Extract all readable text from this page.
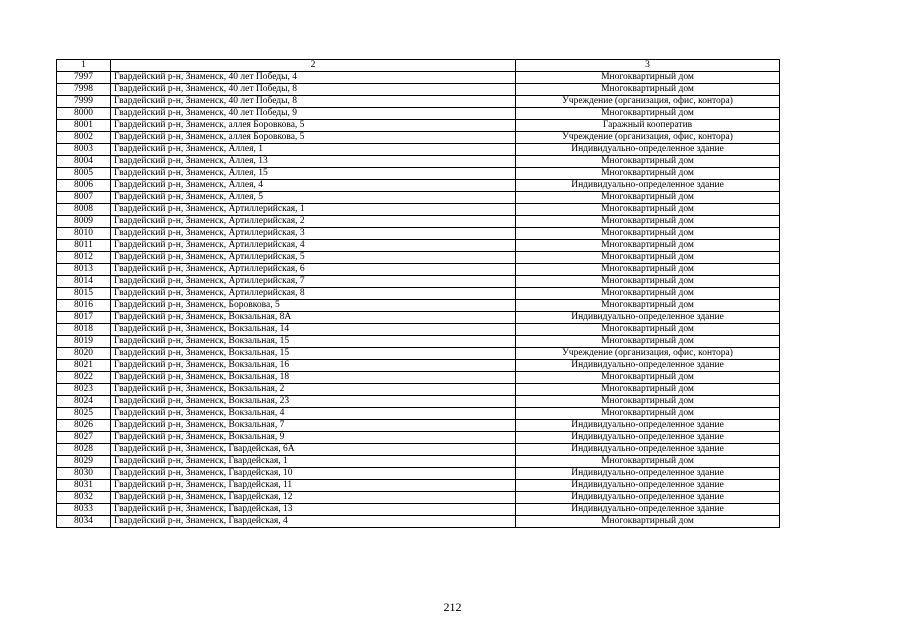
1	2	3
7997	Гвардейский р-н, Знаменск, 40 лет Победы, 4	Многоквартирный дом
7998	Гвардейский р-н, Знаменск, 40 лет Победы, 8	Многоквартирный дом
7999	Гвардейский р-н, Знаменск, 40 лет Победы, 8	Учреждение (организация, офис, контора)
8000	Гвардейский р-н, Знаменск, 40 лет Победы, 9	Многоквартирный дом
8001	Гвардейский р-н, Знаменск, аллея Боровкова, 5	Гаражный кооператив
8002	Гвардейский р-н, Знаменск, аллея Боровкова, 5	Учреждение (организация, офис, контора)
8003	Гвардейский р-н, Знаменск, Аллея, 1	Индивидуально-определенное здание
8004	Гвардейский р-н, Знаменск, Аллея, 13	Многоквартирный дом
8005	Гвардейский р-н, Знаменск, Аллея, 15	Многоквартирный дом
8006	Гвардейский р-н, Знаменск, Аллея, 4	Индивидуально-определенное здание
8007	Гвардейский р-н, Знаменск, Аллея, 5	Многоквартирный дом
8008	Гвардейский р-н, Знаменск, Артиллерийская, 1	Многоквартирный дом
8009	Гвардейский р-н, Знаменск, Артиллерийская, 2	Многоквартирный дом
8010	Гвардейский р-н, Знаменск, Артиллерийская, 3	Многоквартирный дом
8011	Гвардейский р-н, Знаменск, Артиллерийская, 4	Многоквартирный дом
8012	Гвардейский р-н, Знаменск, Артиллерийская, 5	Многоквартирный дом
8013	Гвардейский р-н, Знаменск, Артиллерийская, 6	Многоквартирный дом
8014	Гвардейский р-н, Знаменск, Артиллерийская, 7	Многоквартирный дом
8015	Гвардейский р-н, Знаменск, Артиллерийская, 8	Многоквартирный дом
8016	Гвардейский р-н, Знаменск, Боровкова, 5	Многоквартирный дом
8017	Гвардейский р-н, Знаменск, Вокзальная, 8А	Индивидуально-определенное здание
8018	Гвардейский р-н, Знаменск, Вокзальная, 14	Многоквартирный дом
8019	Гвардейский р-н, Знаменск, Вокзальная, 15	Многоквартирный дом
8020	Гвардейский р-н, Знаменск, Вокзальная, 15	Учреждение (организация, офис, контора)
8021	Гвардейский р-н, Знаменск, Вокзальная, 16	Индивидуально-определенное здание
8022	Гвардейский р-н, Знаменск, Вокзальная, 18	Многоквартирный дом
8023	Гвардейский р-н, Знаменск, Вокзальная, 2	Многоквартирный дом
8024	Гвардейский р-н, Знаменск, Вокзальная, 23	Многоквартирный дом
8025	Гвардейский р-н, Знаменск, Вокзальная, 4	Многоквартирный дом
8026	Гвардейский р-н, Знаменск, Вокзальная, 7	Индивидуально-определенное здание
8027	Гвардейский р-н, Знаменск, Вокзальная, 9	Индивидуально-определенное здание
8028	Гвардейский р-н, Знаменск, Гвардейская, 6А	Индивидуально-определенное здание
8029	Гвардейский р-н, Знаменск, Гвардейская, 1	Многоквартирный дом
8030	Гвардейский р-н, Знаменск, Гвардейская, 10	Индивидуально-определенное здание
8031	Гвардейский р-н, Знаменск, Гвардейская, 11	Индивидуально-определенное здание
8032	Гвардейский р-н, Знаменск, Гвардейская, 12	Индивидуально-определенное здание
8033	Гвардейский р-н, Знаменск, Гвардейская, 13	Индивидуально-определенное здание
8034	Гвардейский р-н, Знаменск, Гвардейская, 4	Многоквартирный дом
212
